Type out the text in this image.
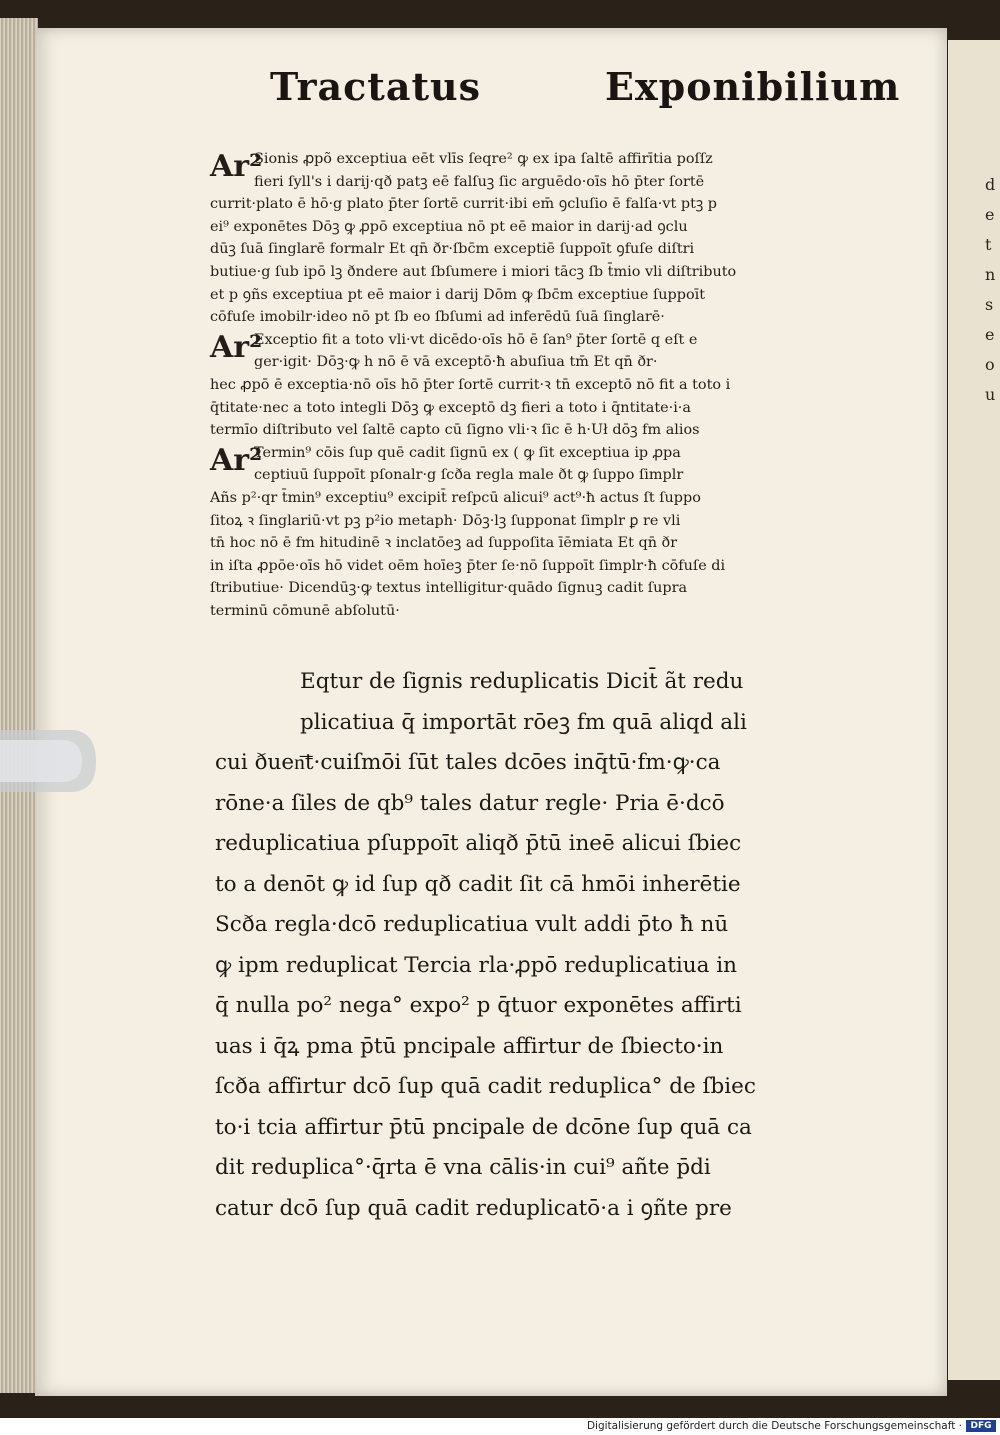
d
e
t
n
s
e
o
u
Tractatus	Exponibilium
Ar²
Sionis ꝓpõ exceptiua eēt vlīs ſeqre² ꝙ ex ipa ſaltē affirītia poſſz
fieri ſyll's i darij·qð patꝫ eē falſuꝫ ſic arguēdo·oīs hō p̄ter ſortē
currit·plato ē hō·g plato p̄ter ſortē currit·ibi em̄ ꝯcluſio ē falſa·vt ptꝫ p
ei⁹ exponētes Dōꝫ ꝙ ꝓpō exceptiua nō pt eē maior in darij·ad ꝯclu
dūꝫ ſuā ſinglarē formalr Et qn̄ ðr·ſbc̄m exceptiē ſuppoīt ꝯfuſe diſtri
butiue·g ſub ipō lꝫ ðndere aut ſbſumere i miori tācꝫ ſb t̄mio vli diſtributo
et p ꝯñs exceptiua pt eē maior i darij Dōm ꝙ ſbc̄m exceptiue ſuppoīt
cōfuſe imobilr·ideo nō pt ſb eo ſbſumi ad inferēdū ſuā ſinglarē·
Ar²
Exceptio fit a toto vli·vt dicēdo·oīs hō ē ſan⁹ p̄ter ſortē q eſt e
ger·igit· Dōꝫ·ꝙ h nō ē vā exceptō·ħ abuſiua tm̄ Et qn̄ ðr·
hec ꝓpō ē exceptia·nō oīs hō p̄ter ſortē currit·ꝛ tn̄ exceptō nō fit a toto i
q̄titate·nec a toto integli Dōꝫ ꝙ exceptō dꝫ fieri a toto i q̄ntitate·i·a
termīo diſtributo vel ſaltē capto cū ſigno vli·ꝛ ſic ē h·Uł dōꝫ fm alios
Ar²
Termin⁹ cōis ſup quē cadit ſignū ex ( ꝙ ſit exceptiua ip ꝓpa
ceptiuū ſuppoīt pſonalr·g ſcða regla male ðt ꝙ ſuppo ſimplr
Añs p²·qr t̄min⁹ exceptiu⁹ excipit̄ reſpcū alicui⁹ act⁹·ħ actus ſt ſuppo
ſitoꝝ ꝛ ſinglariū·vt pꝫ p²io metaph· Dōꝫ·lꝫ ſupponat ſimplr ꝑ re vli
tn̄ hoc nō ē fm hitudinē ꝛ inclatōeꝫ ad ſuppoſita īēmiata Et qn̄ ðr
in iſta ꝓpōe·oīs hō videt oēm hoīeꝫ p̄ter ſe·nō ſuppoīt ſimplr·ħ cōfuſe di
ſtributiue· Dicendūꝫ·ꝙ textus intelligitur·quādo ſignuꝫ cadit ſupra
terminū cōmunē abſolutū·
Eqtur de ſignis reduplicatis Dicit̄ ãt redu
plicatiua q̄ importāt rōeꝫ fm quā aliqd ali
cui ðuen͞t·cuiſmōi ſūt tales dcōes inq̄tū·fm·ꝙ·ca
rōne·a ſiles de qb⁹ tales datur regle· Pria ē·dcō
reduplicatiua pſuppoīt aliqð p̄tū ineē alicui ſbiec
to a denōt ꝙ id ſup qð cadit ſit cā hmōi inherētie
Scða regla·dcō reduplicatiua vult addi p̄to ħ nū
ꝙ ipm reduplicat Tercia rla·ꝓpō reduplicatiua in
q̄ nulla po² nega° expo² p q̄tuor exponētes affirti
uas i q̄ꝝ pma p̄tū pncipale affirtur de ſbiecto·in
ſcða affirtur dcō ſup quā cadit reduplica° de ſbiec
to·i tcia affirtur p̄tū pncipale de dcōne ſup quā ca
dit reduplica°·q̄rta ē vna cālis·in cui⁹ añte p̄di
catur dcō ſup quā cadit reduplicatō·a i ꝯñte pre
Digitalisierung gefördert durch die Deutsche Forschungsgemeinschaft · DFG
